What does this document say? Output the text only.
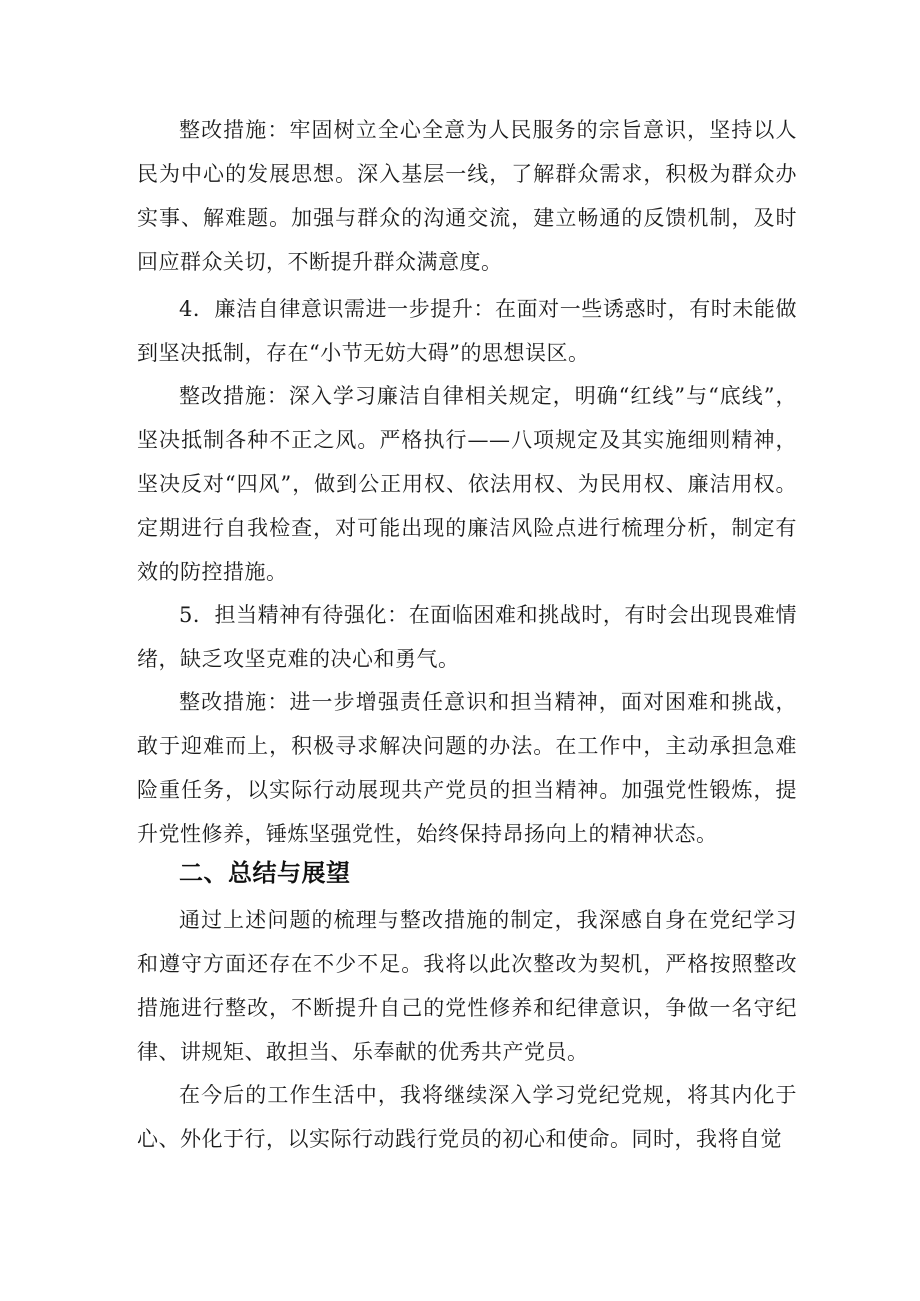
整改措施：牢固树立全心全意为人民服务的宗旨意识，坚持以人民为中心的发展思想。深入基层一线，了解群众需求，积极为群众办实事、解难题。加强与群众的沟通交流，建立畅通的反馈机制，及时回应群众关切，不断提升群众满意度。

4．廉洁自律意识需进一步提升：在面对一些诱惑时，有时未能做到坚决抵制，存在“小节无妨大碍”的思想误区。

整改措施：深入学习廉洁自律相关规定，明确“红线”与“底线”，坚决抵制各种不正之风。严格执行——八项规定及其实施细则精神，坚决反对“四风”，做到公正用权、依法用权、为民用权、廉洁用权。定期进行自我检查，对可能出现的廉洁风险点进行梳理分析，制定有效的防控措施。

5．担当精神有待强化：在面临困难和挑战时，有时会出现畏难情绪，缺乏攻坚克难的决心和勇气。

整改措施：进一步增强责任意识和担当精神，面对困难和挑战，敢于迎难而上，积极寻求解决问题的办法。在工作中，主动承担急难险重任务，以实际行动展现共产党员的担当精神。加强党性锻炼，提升党性修养，锤炼坚强党性，始终保持昂扬向上的精神状态。

二、总结与展望

通过上述问题的梳理与整改措施的制定，我深感自身在党纪学习和遵守方面还存在不少不足。我将以此次整改为契机，严格按照整改措施进行整改，不断提升自己的党性修养和纪律意识，争做一名守纪律、讲规矩、敢担当、乐奉献的优秀共产党员。

在今后的工作生活中，我将继续深入学习党纪党规，将其内化于心、外化于行，以实际行动践行党员的初心和使命。同时，我将自觉
